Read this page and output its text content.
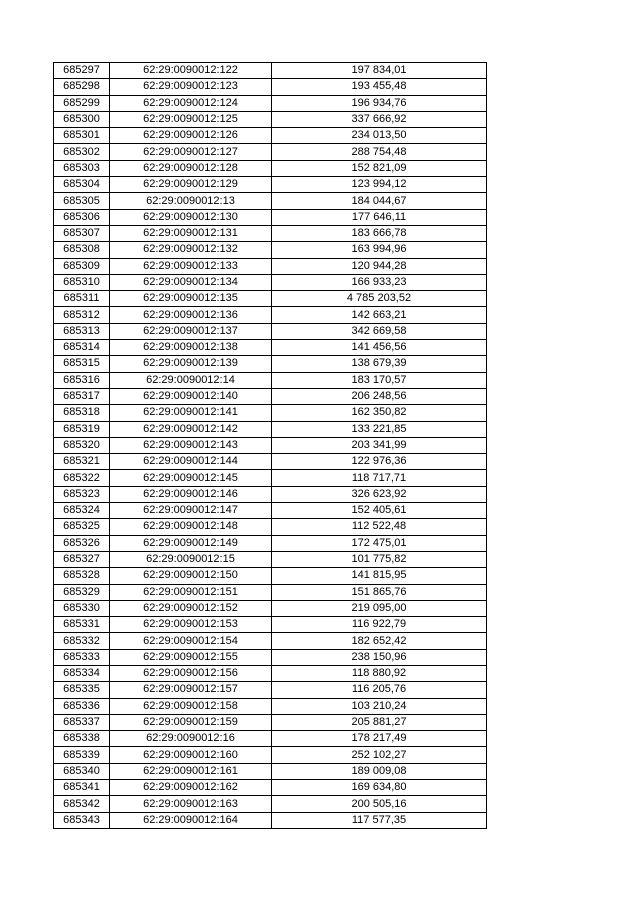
685297	62:29:0090012:122	197 834,01
685298	62:29:0090012:123	193 455,48
685299	62:29:0090012:124	196 934,76
685300	62:29:0090012:125	337 666,92
685301	62:29:0090012:126	234 013,50
685302	62:29:0090012:127	288 754,48
685303	62:29:0090012:128	152 821,09
685304	62:29:0090012:129	123 994,12
685305	62:29:0090012:13	184 044,67
685306	62:29:0090012:130	177 646,11
685307	62:29:0090012:131	183 666,78
685308	62:29:0090012:132	163 994,96
685309	62:29:0090012:133	120 944,28
685310	62:29:0090012:134	166 933,23
685311	62:29:0090012:135	4 785 203,52
685312	62:29:0090012:136	142 663,21
685313	62:29:0090012:137	342 669,58
685314	62:29:0090012:138	141 456,56
685315	62:29:0090012:139	138 679,39
685316	62:29:0090012:14	183 170,57
685317	62:29:0090012:140	206 248,56
685318	62:29:0090012:141	162 350,82
685319	62:29:0090012:142	133 221,85
685320	62:29:0090012:143	203 341,99
685321	62:29:0090012:144	122 976,36
685322	62:29:0090012:145	118 717,71
685323	62:29:0090012:146	326 623,92
685324	62:29:0090012:147	152 405,61
685325	62:29:0090012:148	112 522,48
685326	62:29:0090012:149	172 475,01
685327	62:29:0090012:15	101 775,82
685328	62:29:0090012:150	141 815,95
685329	62:29:0090012:151	151 865,76
685330	62:29:0090012:152	219 095,00
685331	62:29:0090012:153	116 922,79
685332	62:29:0090012:154	182 652,42
685333	62:29:0090012:155	238 150,96
685334	62:29:0090012:156	118 880,92
685335	62:29:0090012:157	116 205,76
685336	62:29:0090012:158	103 210,24
685337	62:29:0090012:159	205 881,27
685338	62:29:0090012:16	178 217,49
685339	62:29:0090012:160	252 102,27
685340	62:29:0090012:161	189 009,08
685341	62:29:0090012:162	169 634,80
685342	62:29:0090012:163	200 505,16
685343	62:29:0090012:164	117 577,35
